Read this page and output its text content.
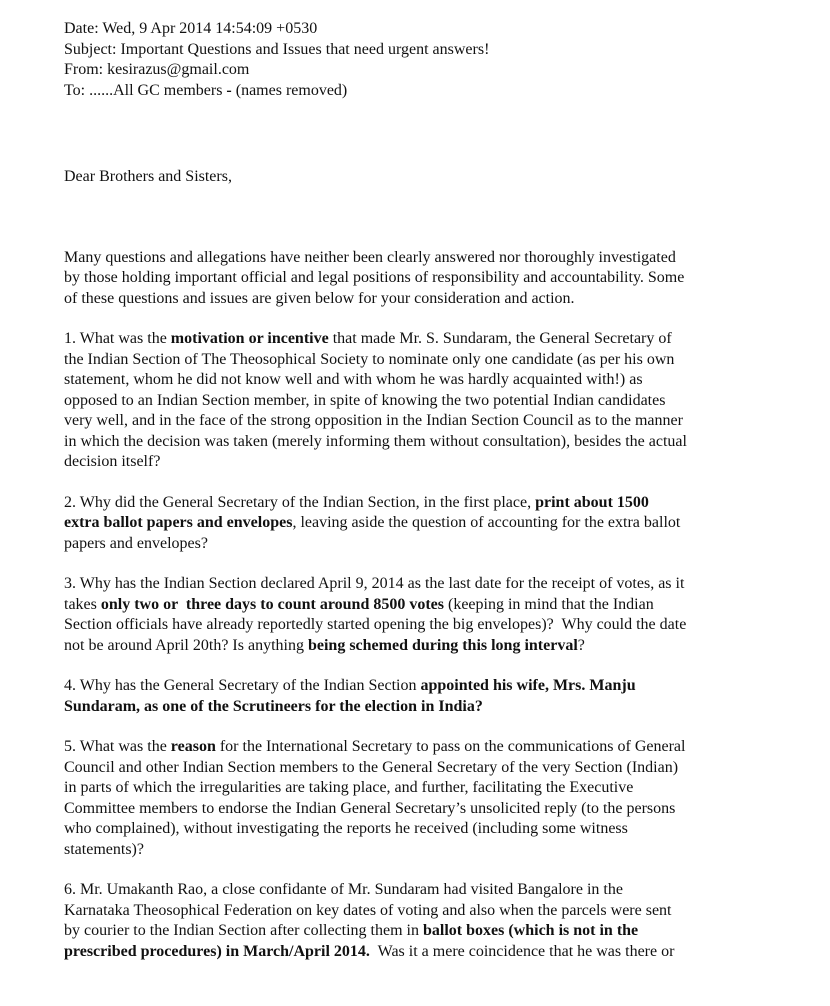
Date: Wed, 9 Apr 2014 14:54:09 +0530
Subject: Important Questions and Issues that need urgent answers!
From: kesirazus@gmail.com
To: ......All GC members - (names removed)
Dear Brothers and Sisters,

Many questions and allegations have neither been clearly answered nor thoroughly investigated
by those holding important official and legal positions of responsibility and accountability. Some
of these questions and issues are given below for your consideration and action.

1. What was the motivation or incentive that made Mr. S. Sundaram, the General Secretary of
the Indian Section of The Theosophical Society to nominate only one candidate (as per his own
statement, whom he did not know well and with whom he was hardly acquainted with!) as
opposed to an Indian Section member, in spite of knowing the two potential Indian candidates
very well, and in the face of the strong opposition in the Indian Section Council as to the manner
in which the decision was taken (merely informing them without consultation), besides the actual
decision itself?

2. Why did the General Secretary of the Indian Section, in the first place, print about 1500
extra ballot papers and envelopes, leaving aside the question of accounting for the extra ballot
papers and envelopes?

3. Why has the Indian Section declared April 9, 2014 as the last date for the receipt of votes, as it
takes only two or  three days to count around 8500 votes (keeping in mind that the Indian
Section officials have already reportedly started opening the big envelopes)?  Why could the date
not be around April 20th? Is anything being schemed during this long interval?

4. Why has the General Secretary of the Indian Section appointed his wife, Mrs. Manju
Sundaram, as one of the Scrutineers for the election in India?

5. What was the reason for the International Secretary to pass on the communications of General
Council and other Indian Section members to the General Secretary of the very Section (Indian)
in parts of which the irregularities are taking place, and further, facilitating the Executive
Committee members to endorse the Indian General Secretary’s unsolicited reply (to the persons
who complained), without investigating the reports he received (including some witness
statements)?

6. Mr. Umakanth Rao, a close confidante of Mr. Sundaram had visited Bangalore in the
Karnataka Theosophical Federation on key dates of voting and also when the parcels were sent
by courier to the Indian Section after collecting them in ballot boxes (which is not in the
prescribed procedures) in March/April 2014.  Was it a mere coincidence that he was there or
